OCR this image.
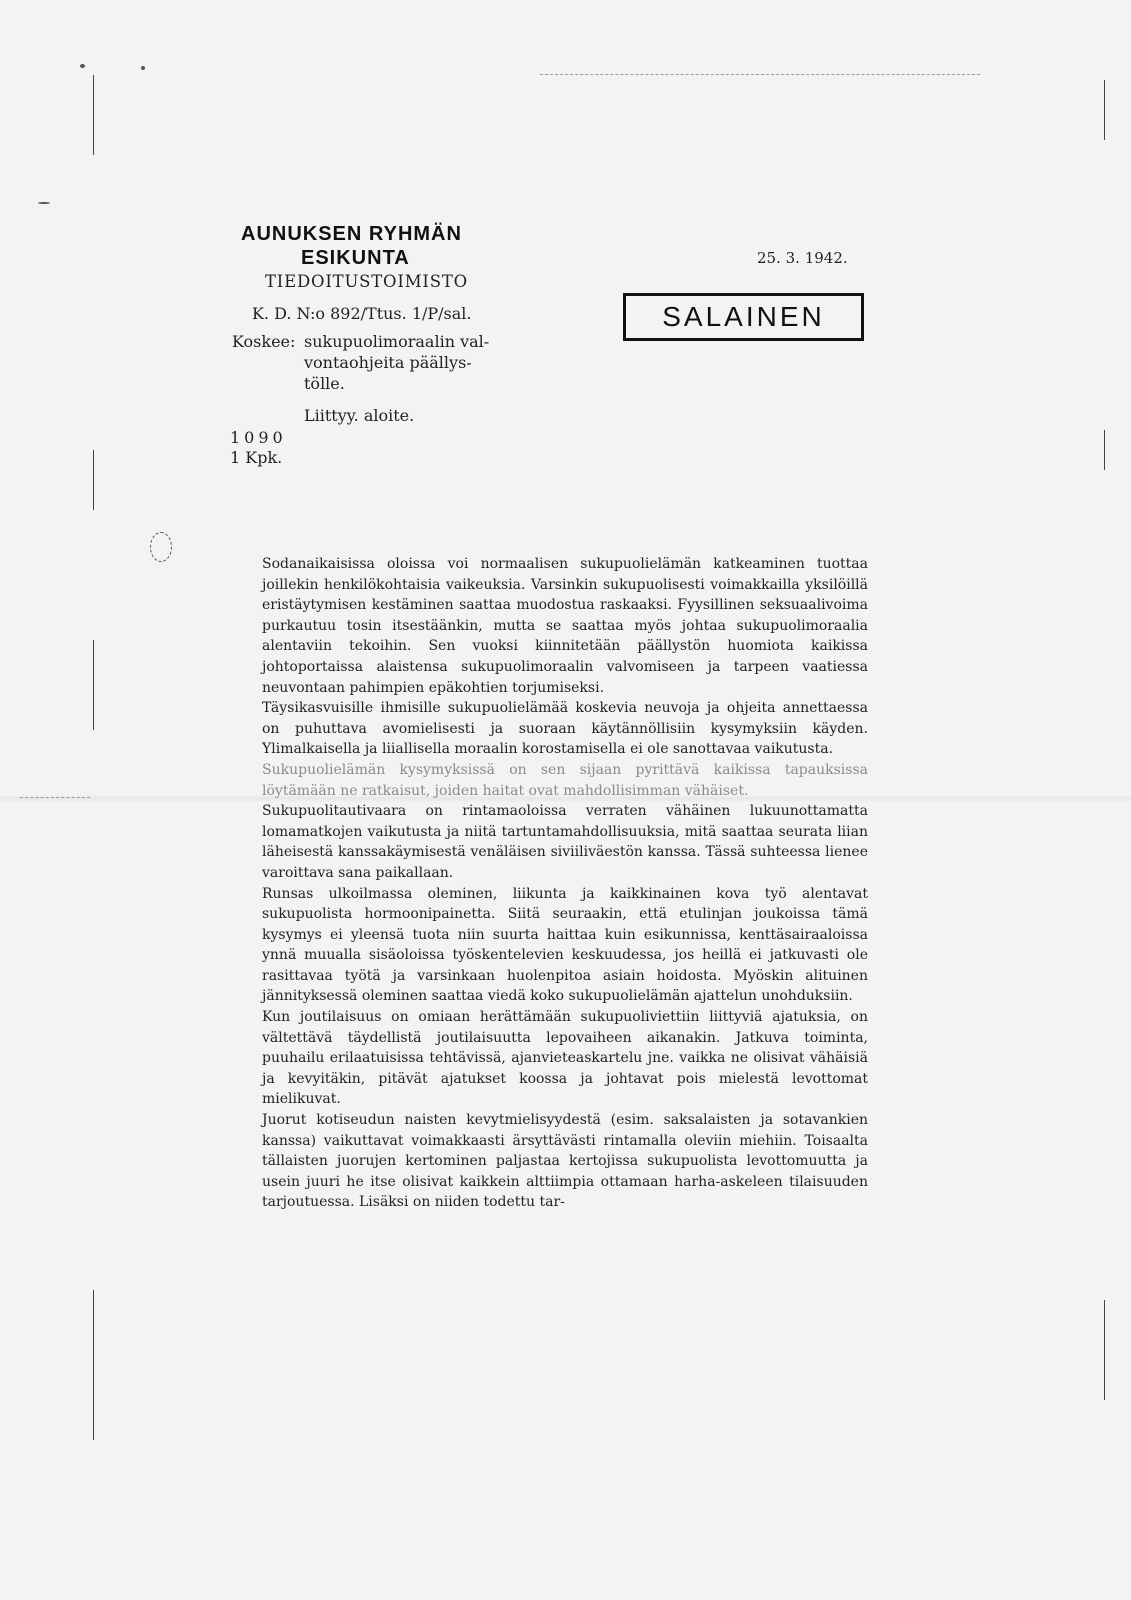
AUNUKSEN RYHMÄN
ESIKUNTA
TIEDOITUSTOIMISTO
K. D. N:o 892/Ttus. 1/P/sal.
Koskee: sukupuolimoraalin val-vontaohjeita päällys-tölle.
Liittyy. aloite.
1090
1 Kpk.
25. 3. 1942.
SALAINEN

Sodanaikaisissa oloissa voi normaalisen sukupuolielämän katkeaminen tuottaa joillekin henkilökohtaisia vaikeuksia. Varsinkin sukupuolisesti voimakkailla yksilöillä eristäytymisen kestäminen saattaa muodostua raskaaksi. Fyysillinen seksuaalivoima purkautuu tosin itsestäänkin, mutta se saattaa myös johtaa sukupuolimoraalia alentaviin tekoihin. Sen vuoksi kiinnitetään päällystön huomiota kaikissa johtoportaissa alaistensa sukupuolimoraalin valvomiseen ja tarpeen vaatiessa neuvontaan pahimpien epäkohtien torjumiseksi.

Täysikasvuisille ihmisille sukupuolielämää koskevia neuvoja ja ohjeita annettaessa on puhuttava avomielisesti ja suoraan käytännöllisiin kysymyksiin käyden. Ylimalkaisella ja liiallisella moraalin korostamisella ei ole sanottavaa vaikutusta.

Sukupuolielämän kysymyksissä on sen sijaan pyrittävä kaikissa tapauksissa löytämään ne ratkaisut, joiden haitat ovat mahdollisimman vähäiset.

Sukupuolitautivaara on rintamaoloissa verraten vähäinen lukuunottamatta lomamatkojen vaikutusta ja niitä tartuntamahdollisuuksia, mitä saattaa seurata liian läheisestä kanssakäymisestä venäläisen siviiliväestön kanssa. Tässä suhteessa lienee varoittava sana paikallaan.

Runsas ulkoilmassa oleminen, liikunta ja kaikkinainen kova työ alentavat sukupuolista hormoonipainetta. Siitä seuraakin, että etulinjan joukoissa tämä kysymys ei yleensä tuota niin suurta haittaa kuin esikunnissa, kenttäsairaaloissa ynnä muualla sisäoloissa työskentelevien keskuudessa, jos heillä ei jatkuvasti ole rasittavaa työtä ja varsinkaan huolenpitoa asiain hoidosta. Myöskin alituinen jännityksessä oleminen saattaa viedä koko sukupuolielämän ajattelun unohduksiin.

Kun joutilaisuus on omiaan herättämään sukupuoliviettiin liittyviä ajatuksia, on vältettävä täydellistä joutilaisuutta lepovaiheen aikanakin. Jatkuva toiminta, puuhailu erilaatuisissa tehtävissä, ajanvieteaskartelu jne. vaikka ne olisivat vähäisiä ja kevyitäkin, pitävät ajatukset koossa ja johtavat pois mielestä levottomat mielikuvat.

Juorut kotiseudun naisten kevytmielisyydestä (esim. saksalaisten ja sotavankien kanssa) vaikuttavat voimakkaasti ärsyttävästi rintamalla oleviin miehiin. Toisaalta tällaisten juorujen kertominen paljastaa kertojissa sukupuolista levottomuutta ja usein juuri he itse olisivat kaikkein alttiimpia ottamaan harha-askeleen tilaisuuden tarjoutuessa. Lisäksi on niiden todettu tar-
